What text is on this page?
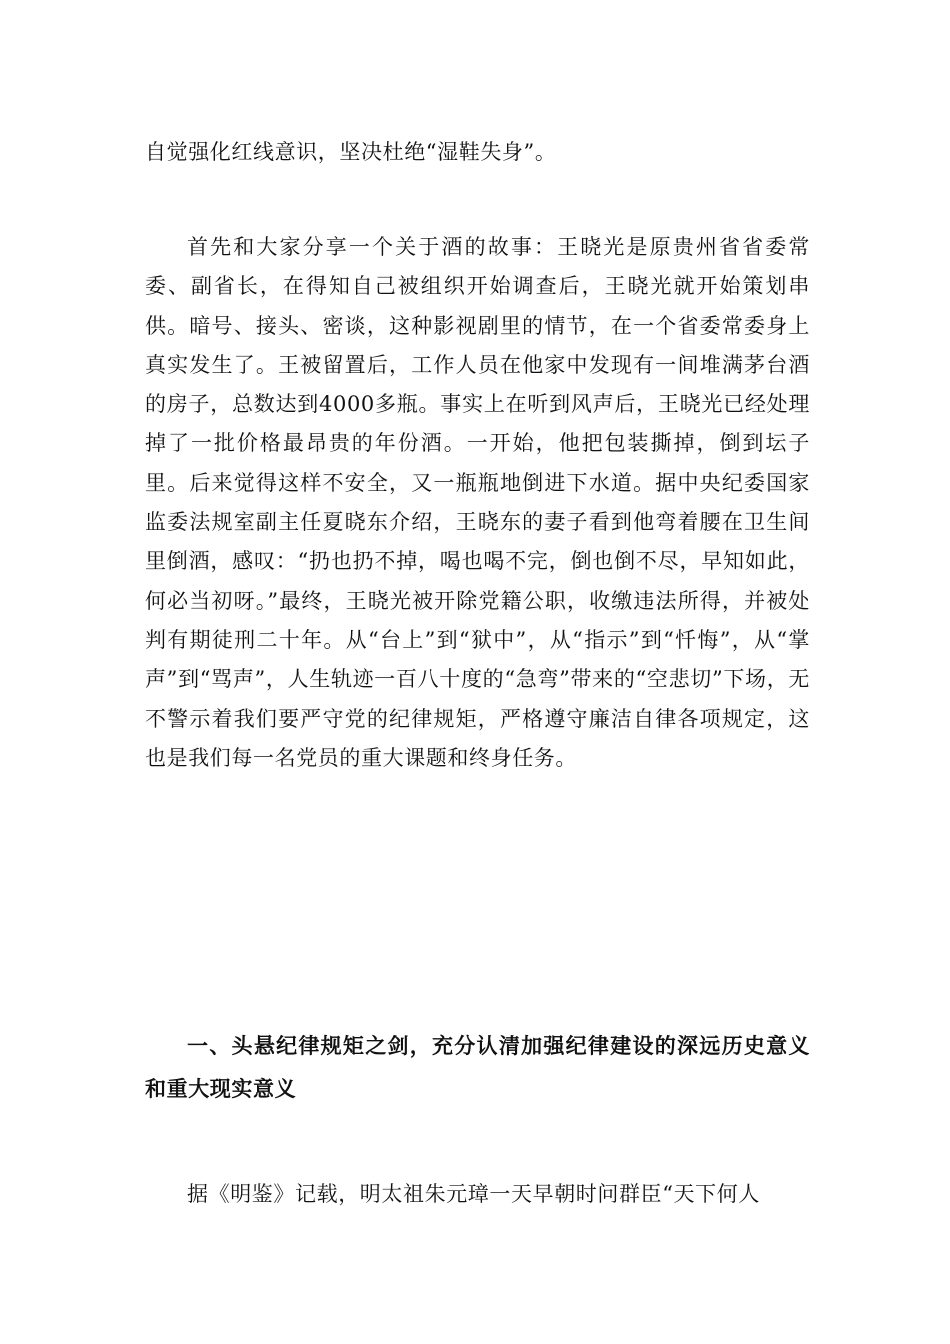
自觉强化红线意识，坚决杜绝“湿鞋失身”。

首先和大家分享一个关于酒的故事：王晓光是原贵州省省委常委、副省长，在得知自己被组织开始调查后，王晓光就开始策划串供。暗号、接头、密谈，这种影视剧里的情节，在一个省委常委身上真实发生了。王被留置后，工作人员在他家中发现有一间堆满茅台酒的房子，总数达到4000多瓶。事实上在听到风声后，王晓光已经处理掉了一批价格最昂贵的年份酒。一开始，他把包装撕掉，倒到坛子里。后来觉得这样不安全，又一瓶瓶地倒进下水道。据中央纪委国家监委法规室副主任夏晓东介绍，王晓东的妻子看到他弯着腰在卫生间里倒酒，感叹：“扔也扔不掉，喝也喝不完，倒也倒不尽，早知如此，何必当初呀。”最终，王晓光被开除党籍公职，收缴违法所得，并被处判有期徒刑二十年。从“台上”到“狱中”，从“指示”到“忏悔”，从“掌声”到“骂声”，人生轨迹一百八十度的“急弯”带来的“空悲切”下场，无不警示着我们要严守党的纪律规矩，严格遵守廉洁自律各项规定，这也是我们每一名党员的重大课题和终身任务。

一、头悬纪律规矩之剑，充分认清加强纪律建设的深远历史意义和重大现实意义

据《明鉴》记载，明太祖朱元璋一天早朝时问群臣“天下何人
